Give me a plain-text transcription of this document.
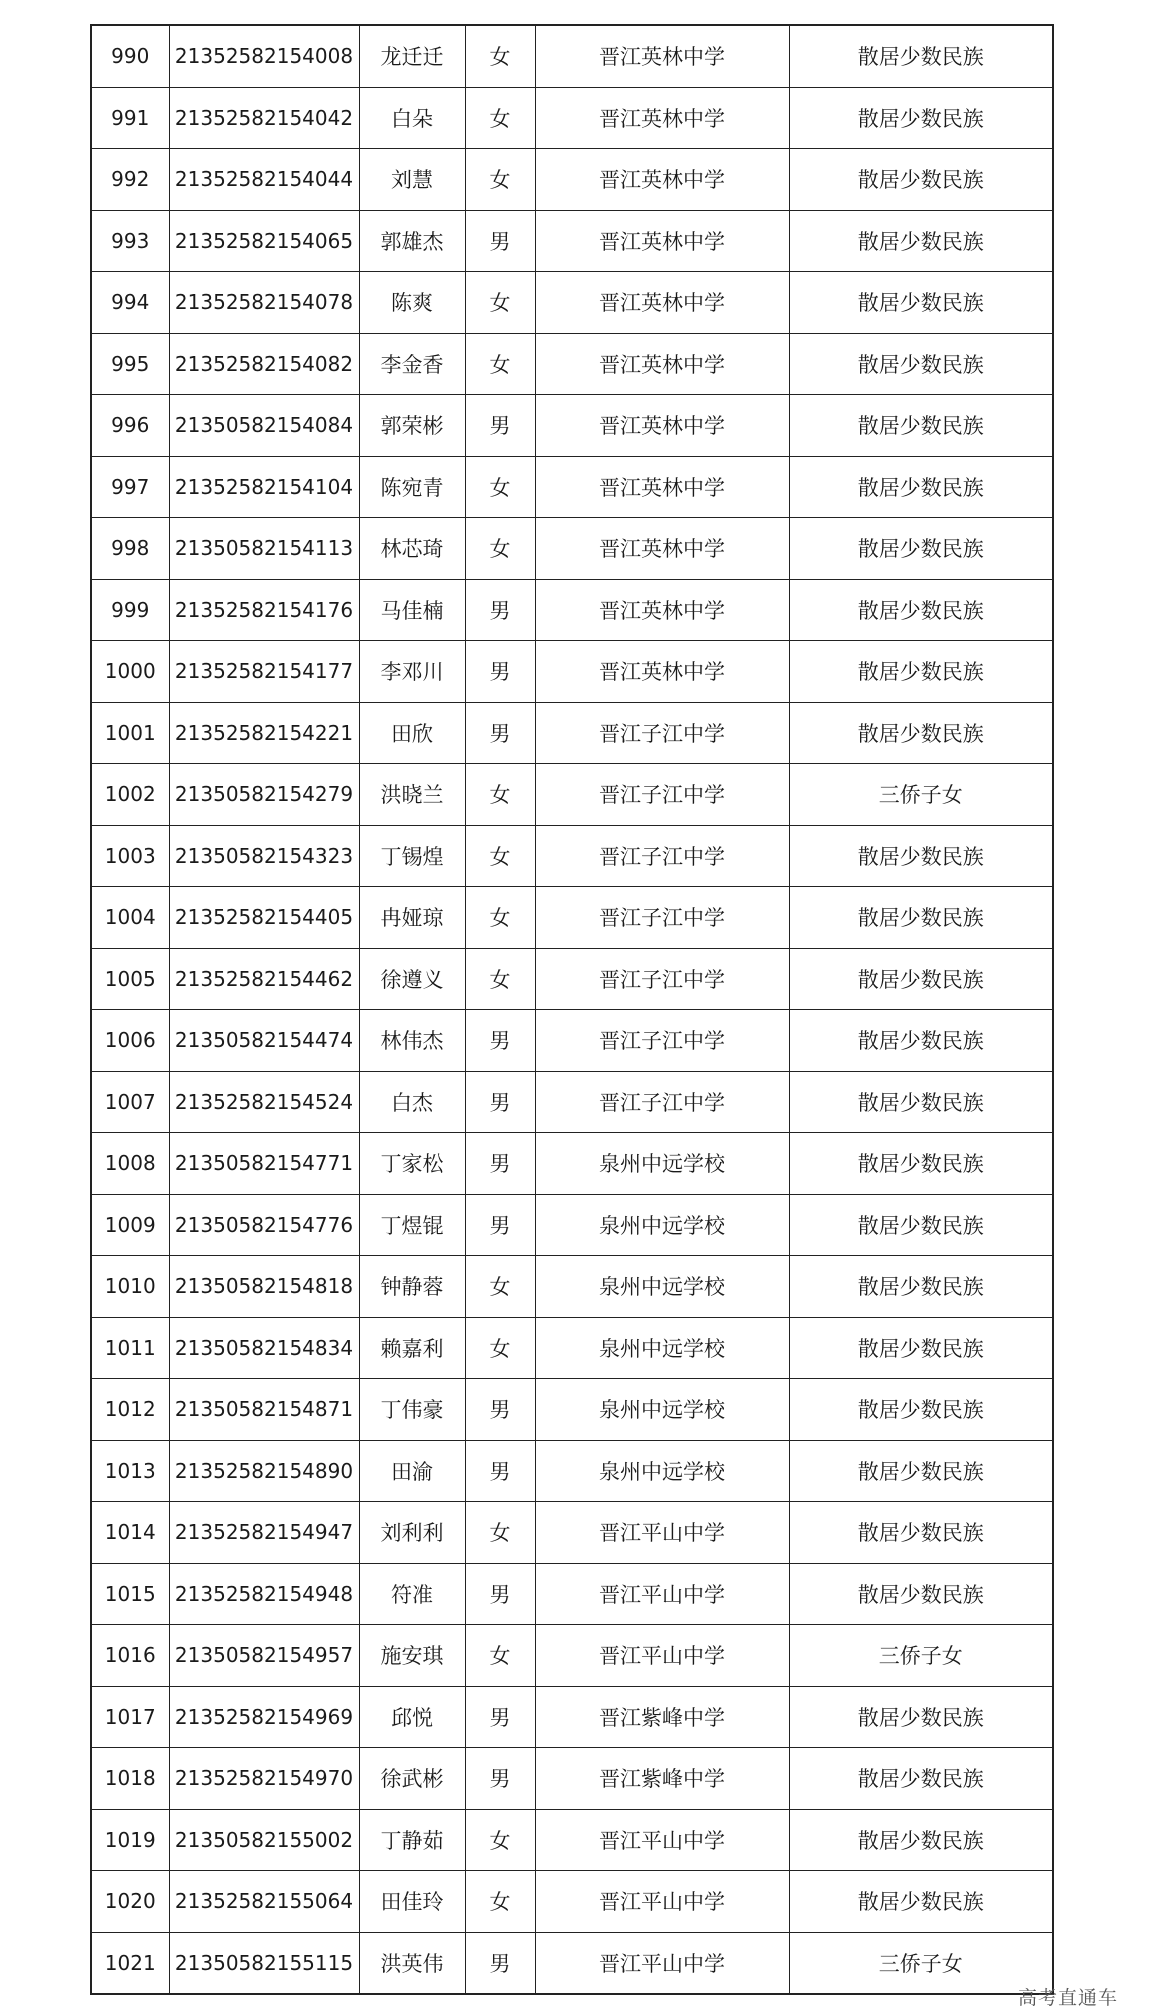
990	21352582154008	龙迁迁	女	晋江英林中学	散居少数民族
991	21352582154042	白朵	女	晋江英林中学	散居少数民族
992	21352582154044	刘慧	女	晋江英林中学	散居少数民族
993	21352582154065	郭雄杰	男	晋江英林中学	散居少数民族
994	21352582154078	陈爽	女	晋江英林中学	散居少数民族
995	21352582154082	李金香	女	晋江英林中学	散居少数民族
996	21350582154084	郭荣彬	男	晋江英林中学	散居少数民族
997	21352582154104	陈宛青	女	晋江英林中学	散居少数民族
998	21350582154113	林芯琦	女	晋江英林中学	散居少数民族
999	21352582154176	马佳楠	男	晋江英林中学	散居少数民族
1000	21352582154177	李邓川	男	晋江英林中学	散居少数民族
1001	21352582154221	田欣	男	晋江子江中学	散居少数民族
1002	21350582154279	洪晓兰	女	晋江子江中学	三侨子女
1003	21350582154323	丁锡煌	女	晋江子江中学	散居少数民族
1004	21352582154405	冉娅琼	女	晋江子江中学	散居少数民族
1005	21352582154462	徐遵义	女	晋江子江中学	散居少数民族
1006	21350582154474	林伟杰	男	晋江子江中学	散居少数民族
1007	21352582154524	白杰	男	晋江子江中学	散居少数民族
1008	21350582154771	丁家松	男	泉州中远学校	散居少数民族
1009	21350582154776	丁煜锟	男	泉州中远学校	散居少数民族
1010	21350582154818	钟静蓉	女	泉州中远学校	散居少数民族
1011	21350582154834	赖嘉利	女	泉州中远学校	散居少数民族
1012	21350582154871	丁伟豪	男	泉州中远学校	散居少数民族
1013	21352582154890	田渝	男	泉州中远学校	散居少数民族
1014	21352582154947	刘利利	女	晋江平山中学	散居少数民族
1015	21352582154948	符准	男	晋江平山中学	散居少数民族
1016	21350582154957	施安琪	女	晋江平山中学	三侨子女
1017	21352582154969	邱悦	男	晋江紫峰中学	散居少数民族
1018	21352582154970	徐武彬	男	晋江紫峰中学	散居少数民族
1019	21350582155002	丁静茹	女	晋江平山中学	散居少数民族
1020	21352582155064	田佳玲	女	晋江平山中学	散居少数民族
1021	21350582155115	洪英伟	男	晋江平山中学	三侨子女
高考直通车
